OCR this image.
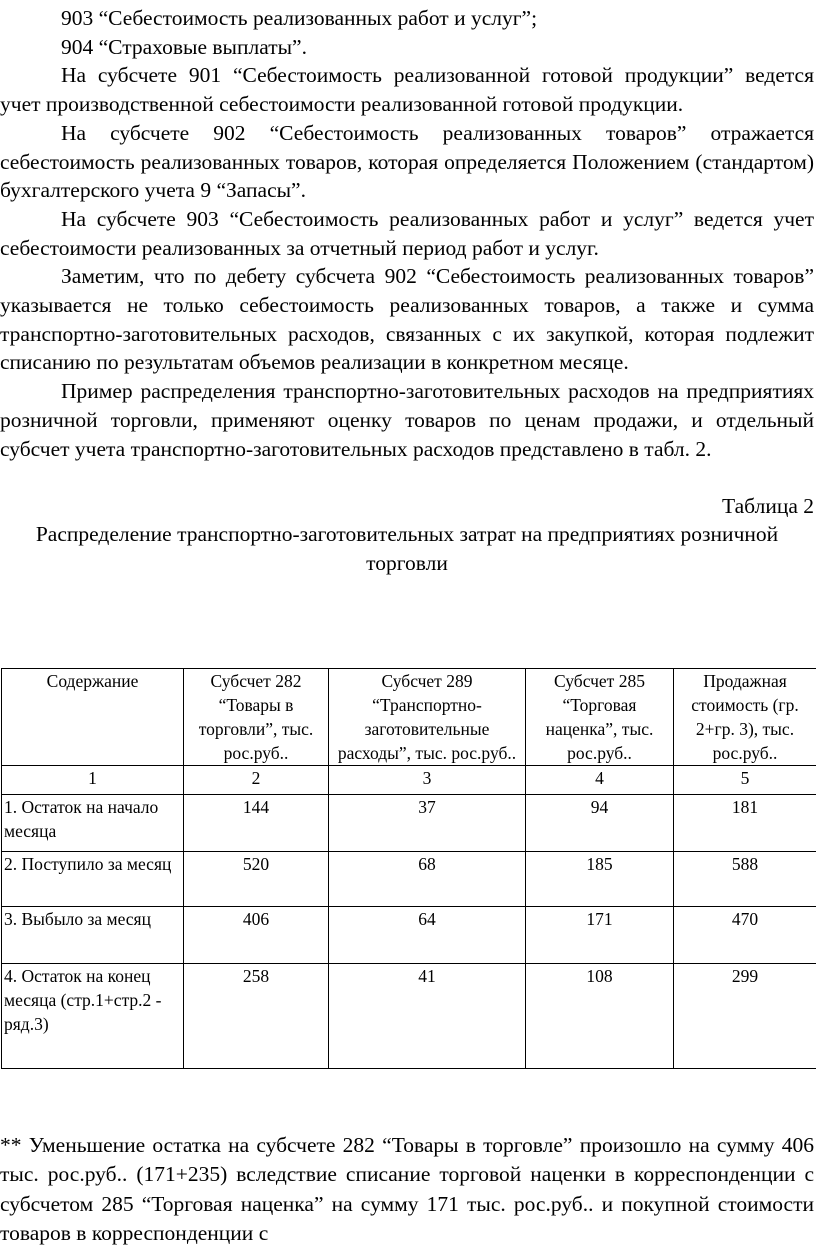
903 “Себестоимость реализованных работ и услуг”;

904 “Страховые выплаты”.

На субсчете 901 “Себестоимость реализованной готовой продукции” ведется учет производственной себестоимости реализованной готовой продукции.

На субсчете 902 “Себестоимость реализованных товаров” отражается себестоимость реализованных товаров, которая определяется Положением (стандартом) бухгалтерского учета 9 “Запасы”.

На субсчете 903 “Себестоимость реализованных работ и услуг” ведется учет себестоимости реализованных за отчетный период работ и услуг.

Заметим, что по дебету субсчета 902 “Себестоимость реализованных товаров” указывается не только себестоимость реализованных товаров, а также и сумма транспортно-заготовительных расходов, связанных с их закупкой, которая подлежит списанию по результатам объемов реализации в конкретном месяце.

Пример распределения транспортно-заготовительных расходов на предприятиях розничной торговли, применяют оценку товаров по ценам продажи, и отдельный субсчет учета транспортно-заготовительных расходов представлено в табл. 2.

Таблица 2
Распределение транспортно-заготовительных затрат на предприятиях розничной торговли
Содержание	Субсчет 282 “Товары в торговли”, тыс. рос.руб..	Субсчет 289 “Транспортно-заготовительные расходы”, тыс. рос.руб..	Субсчет 285 “Торговая наценка”, тыс. рос.руб..	Продажная стоимость (гр. 2+гр. 3), тыс. рос.руб..
1	2	3	4	5
1. Остаток на начало месяца	144	37	94	181
2. Поступило за месяц	520	68	185	588
3. Выбыло за месяц	406	64	171	470
4. Остаток на конец месяца (стр.1+стр.2 - ряд.3)	258	41	108	299
** Уменьшение остатка на субсчете 282 “Товары в торговле” произошло на сумму 406 тыс. рос.руб.. (171+235) вследствие списание торговой наценки в корреспонденции с субсчетом 285 “Торговая наценка” на сумму 171 тыс. рос.руб.. и покупной стоимости товаров в корреспонденции с
